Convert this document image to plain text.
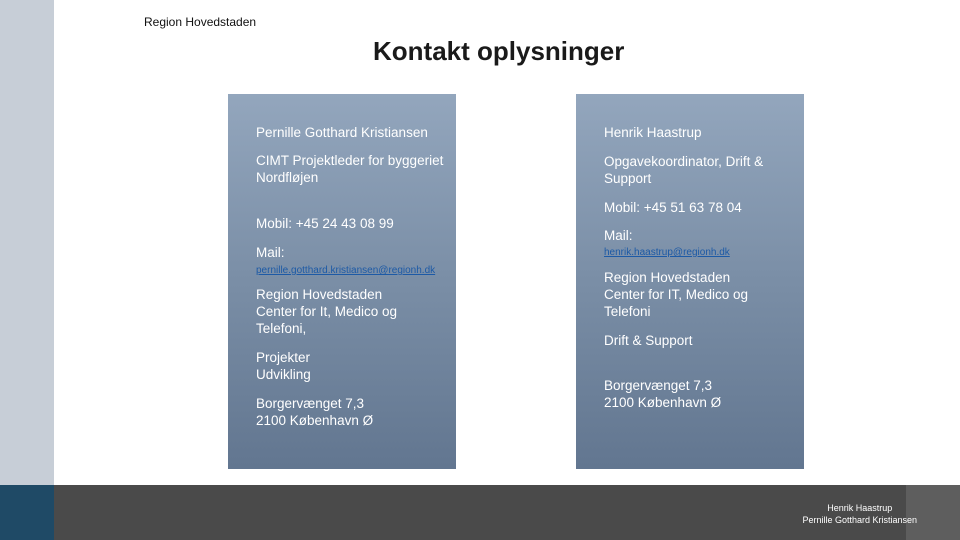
Region Hovedstaden
Kontakt oplysninger

Pernille Gotthard Kristiansen

CIMT Projektleder for byggeriet

Nordfløjen

Mobil: +45 24 43 08 99

Mail:

pernille.gotthard.kristiansen@regionh.dk

Region Hovedstaden

Center for It, Medico og

Telefoni,

Projekter

Udvikling

Borgervænget 7,3

2100 København Ø

Henrik Haastrup

Opgavekoordinator, Drift &

Support

Mobil: +45 51 63 78 04

Mail:

henrik.haastrup@regionh.dk

Region Hovedstaden

Center for IT, Medico og

Telefoni

Drift & Support

Borgervænget 7,3

2100 København Ø

Henrik Haastrup
Pernille Gotthard Kristiansen
